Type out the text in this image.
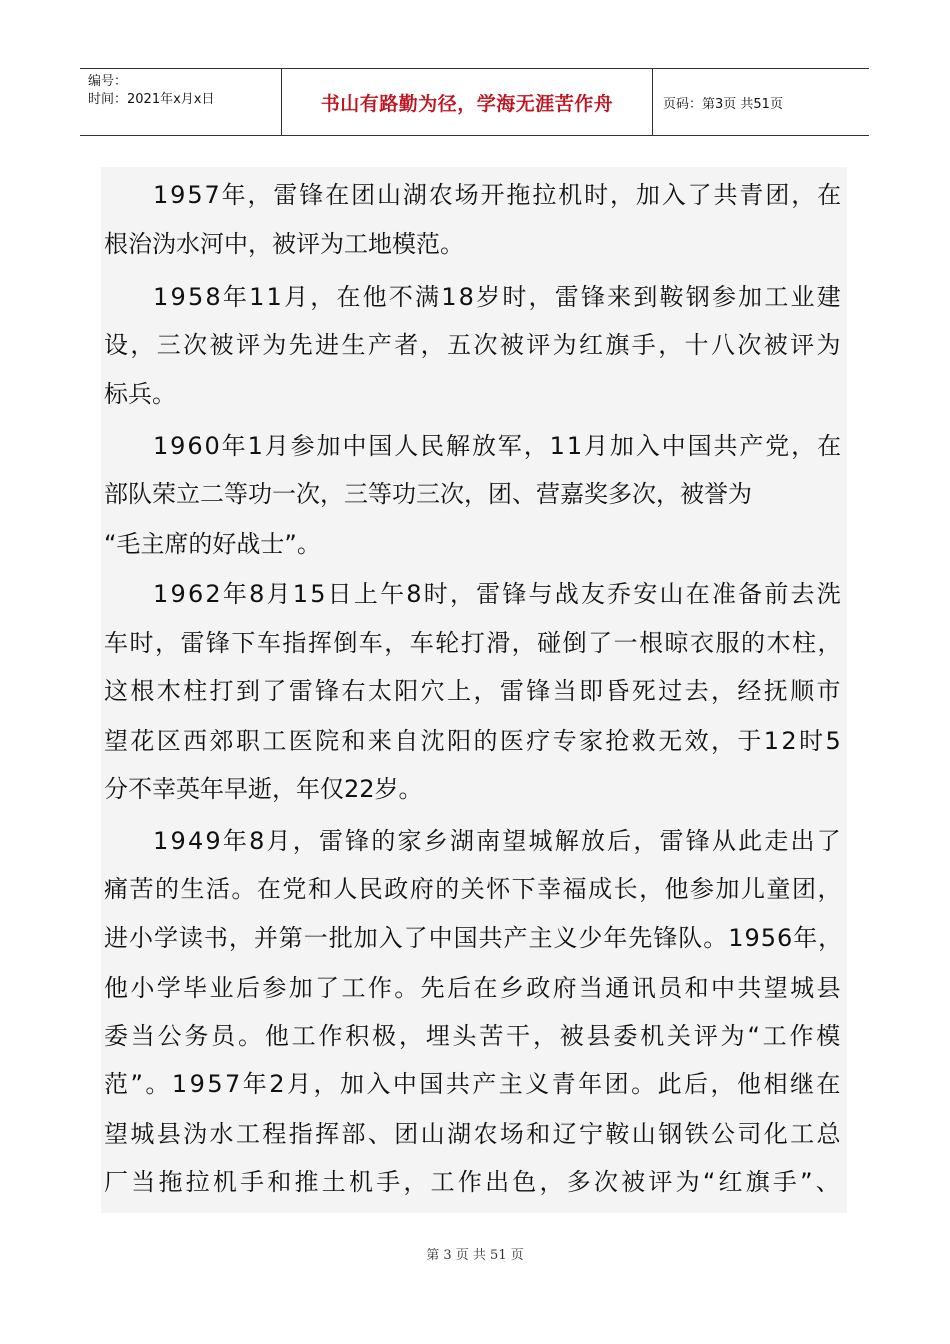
编号：
时间：2021年x月x日	书山有路勤为径，学海无涯苦作舟	页码：第3页 共51页
1957年，雷锋在团山湖农场开拖拉机时，加入了共青团，在
根治沩水河中，被评为工地模范。
1958年11月，在他不满18岁时，雷锋来到鞍钢参加工业建
设，三次被评为先进生产者，五次被评为红旗手，十八次被评为
标兵。
1960年1月参加中国人民解放军，11月加入中国共产党，在
部队荣立二等功一次，三等功三次，团、营嘉奖多次，被誉为
“毛主席的好战士”。
1962年8月15日上午8时，雷锋与战友乔安山在准备前去洗
车时，雷锋下车指挥倒车，车轮打滑，碰倒了一根晾衣服的木柱，
这根木柱打到了雷锋右太阳穴上，雷锋当即昏死过去，经抚顺市
望花区西郊职工医院和来自沈阳的医疗专家抢救无效，于12时5
分不幸英年早逝，年仅22岁。
1949年8月，雷锋的家乡湖南望城解放后，雷锋从此走出了
痛苦的生活。在党和人民政府的关怀下幸福成长，他参加儿童团，
进小学读书，并第一批加入了中国共产主义少年先锋队。1956年，
他小学毕业后参加了工作。先后在乡政府当通讯员和中共望城县
委当公务员。他工作积极，埋头苦干，被县委机关评为“工作模
范”。1957年2月，加入中国共产主义青年团。此后，他相继在
望城县沩水工程指挥部、团山湖农场和辽宁鞍山钢铁公司化工总
厂当拖拉机手和推土机手，工作出色，多次被评为“红旗手”、
第 3 页 共 51 页
